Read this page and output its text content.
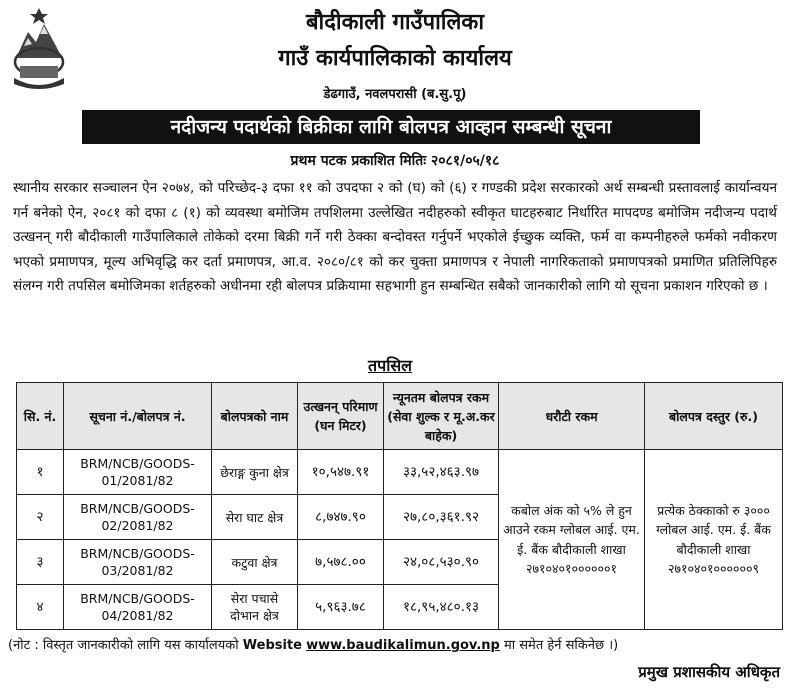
बौदीकाली गाउँपालिका
गाउँ कार्यपालिकाको कार्यालय
डेढगाउँ, नवलपरासी (ब.सु.पू)
नदीजन्य पदार्थको बिक्रीका लागि बोलपत्र आव्हान सम्बन्धी सूचना
प्रथम पटक प्रकाशित मितिः २०८१/०५/१८
स्थानीय सरकार सञ्चालन ऐन २०७४, को परिच्छेद-३ दफा ११ को उपदफा २ को (घ) को (६) र गण्डकी प्रदेश सरकारको अर्थ सम्बन्धी प्रस्तावलाई कार्यान्वयन गर्न बनेको ऐन, २०८१ को दफा ८ (१) को व्यवस्था बमोजिम तपशिलमा उल्लेखित नदीहरुको स्वीकृत घाटहरुबाट निर्धारित मापदण्ड बमोजिम नदीजन्य पदार्थ उत्खनन् गरी बौदीकाली गाउँपालिकाले तोकेको दरमा बिक्री गर्ने गरी ठेक्का बन्दोवस्त गर्नुपर्ने भएकोले ईच्छुक व्यक्ति, फर्म वा कम्पनीहरुले फर्मको नवीकरण भएको प्रमाणपत्र, मूल्य अभिवृद्धि कर दर्ता प्रमाणपत्र, आ.व. २०८०/८१ को कर चुक्ता प्रमाणपत्र र नेपाली नागरिकताको प्रमाणपत्रको प्रमाणित प्रतिलिपिहरु संलग्न गरी तपसिल बमोजिमका शर्तहरुको अधीनमा रही बोलपत्र प्रक्रियामा सहभागी हुन सम्बन्धित सबैको जानकारीको लागि यो सूचना प्रकाशन गरिएको छ ।
तपसिल
सि. नं.	सूचना नं./बोलपत्र नं.	बोलपत्रको नाम	उत्खनन् परिमाण (घन मिटर)	न्यूनतम बोलपत्र रकम (सेवा शुल्क र मू.अ.कर बाहेक)	धरौटी रकम	बोलपत्र दस्तुर (रु.)
१	BRM/NCB/GOODS-01/2081/82	छेराङ्ग कुना क्षेत्र	१०,५४७.९१	३३,५२,४६३.९७	कबोल अंक को ५% ले हुन आउने रकम ग्लोबल आई. एम. ई. बैंक बौदीकाली शाखा २७१०४०१००००००१	प्रत्येक ठेक्काको रु ३००० ग्लोबल आई. एम. ई. बैंक बौदीकाली शाखा २७१०४०१००००००९
२	BRM/NCB/GOODS-02/2081/82	सेरा घाट क्षेत्र	८,७४७.९०	२७,८०,३६१.९२		
३	BRM/NCB/GOODS-03/2081/82	कटुवा क्षेत्र	७,५७८.००	२४,०८,५३०.९०		
४	BRM/NCB/GOODS-04/2081/82	सेरा पचासे दोभान क्षेत्र	५,९६३.७८	१८,९५,४८०.१३		
(नोट : विस्तृत जानकारीको लागि यस कार्यालयको Website www.baudikalimun.gov.np मा समेत हेर्न सकिनेछ ।)
प्रमुख प्रशासकीय अधिकृत
